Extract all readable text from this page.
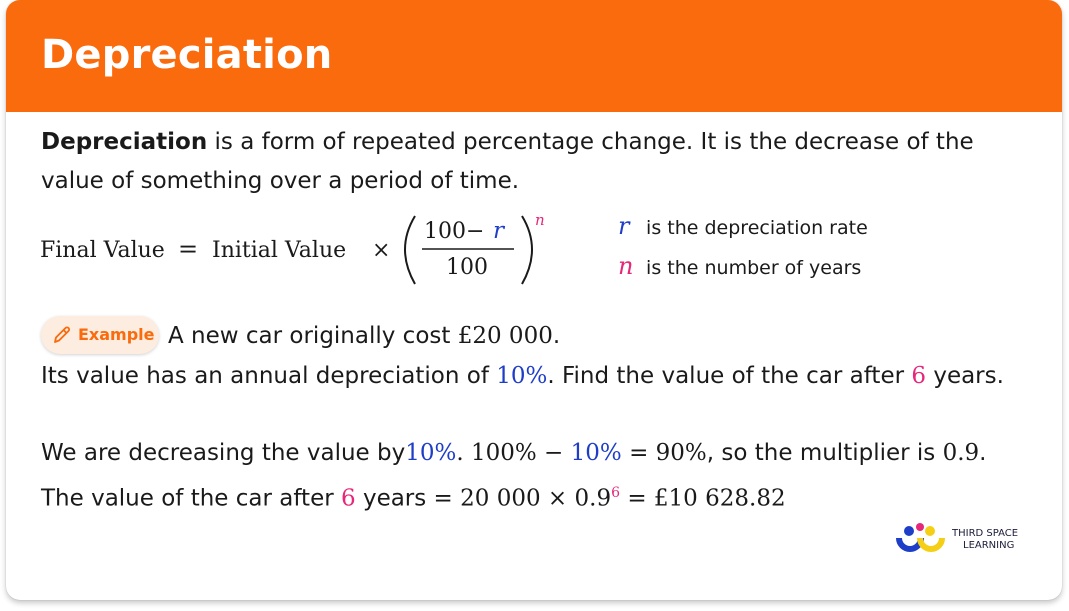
Depreciation
Depreciation is a form of repeated percentage change. It is the decrease of the
value of something over a period of time.
Final Value = Initial Value ×
100 − r
100
n	r is the depreciation rate
n is the number of years
Example A new car originally cost £20 000.
Its value has an annual depreciation of 10%. Find the value of the car after 6 years.
We are decreasing the value by10%. 100% − 10% = 90%, so the multiplier is 0.9.
The value of the car after 6 years = 20 $000 \times 0.9^6$ = £10 628.82
THIRD SPACE
LEARNING
